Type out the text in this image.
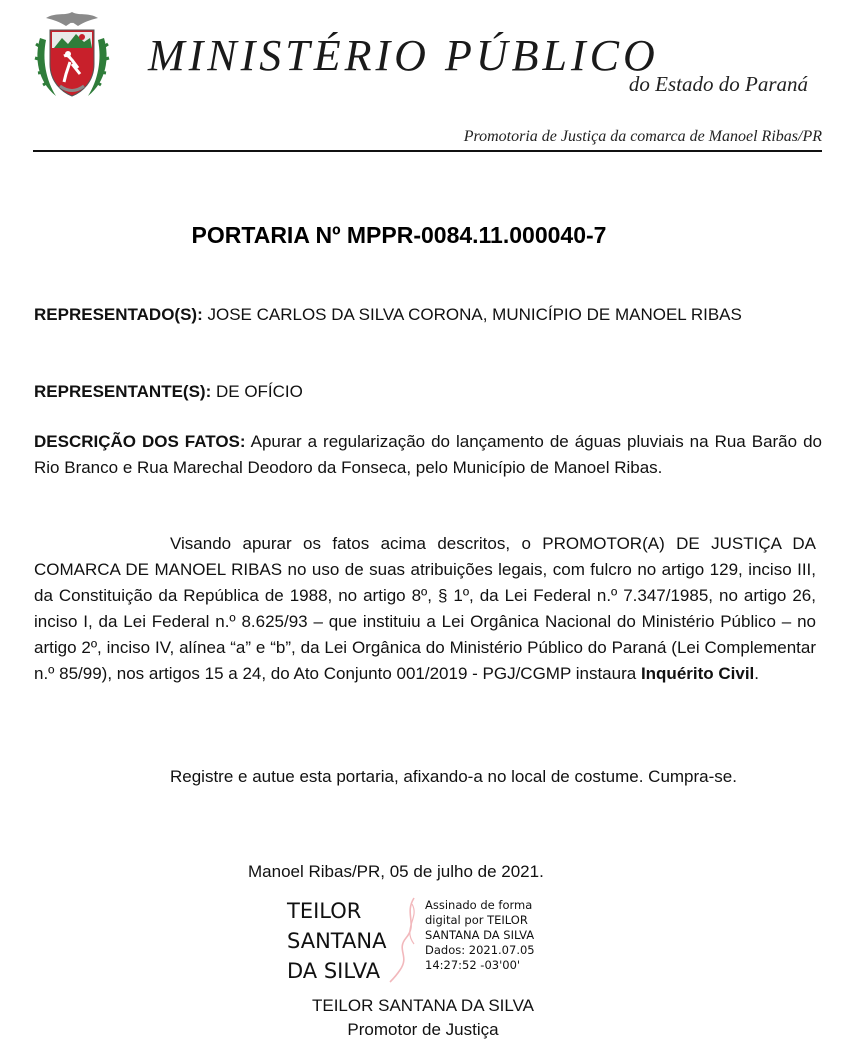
MINISTÉRIO PÚBLICO
do Estado do Paraná
Promotoria de Justiça da comarca de Manoel Ribas/PR
PORTARIA Nº MPPR-0084.11.000040-7
REPRESENTADO(S): JOSE CARLOS DA SILVA CORONA, MUNICÍPIO DE MANOEL RIBAS
REPRESENTANTE(S): DE OFÍCIO
DESCRIÇÃO DOS FATOS: Apurar a regularização do lançamento de águas pluviais na Rua Barão do Rio Branco e Rua Marechal Deodoro da Fonseca, pelo Município de Manoel Ribas.
Visando apurar os fatos acima descritos, o PROMOTOR(A) DE JUSTIÇA DA COMARCA DE MANOEL RIBAS no uso de suas atribuições legais, com fulcro no artigo 129, inciso III, da Constituição da República de 1988, no artigo 8º, § 1º, da Lei Federal n.º 7.347/1985, no artigo 26, inciso I, da Lei Federal n.º 8.625/93 – que instituiu a Lei Orgânica Nacional do Ministério Público – no artigo 2º, inciso IV, alínea “a” e “b”, da Lei Orgânica do Ministério Público do Paraná (Lei Complementar n.º 85/99), nos artigos 15 a 24, do Ato Conjunto 001/2019 - PGJ/CGMP instaura Inquérito Civil.
Registre e autue esta portaria, afixando-a no local de costume. Cumpra-se.
Manoel Ribas/PR, 05 de julho de 2021.
TEILOR
SANTANA
DA SILVA
Assinado de forma
digital por TEILOR
SANTANA DA SILVA
Dados: 2021.07.05
14:27:52 -03'00'
TEILOR SANTANA DA SILVA
Promotor de Justiça
